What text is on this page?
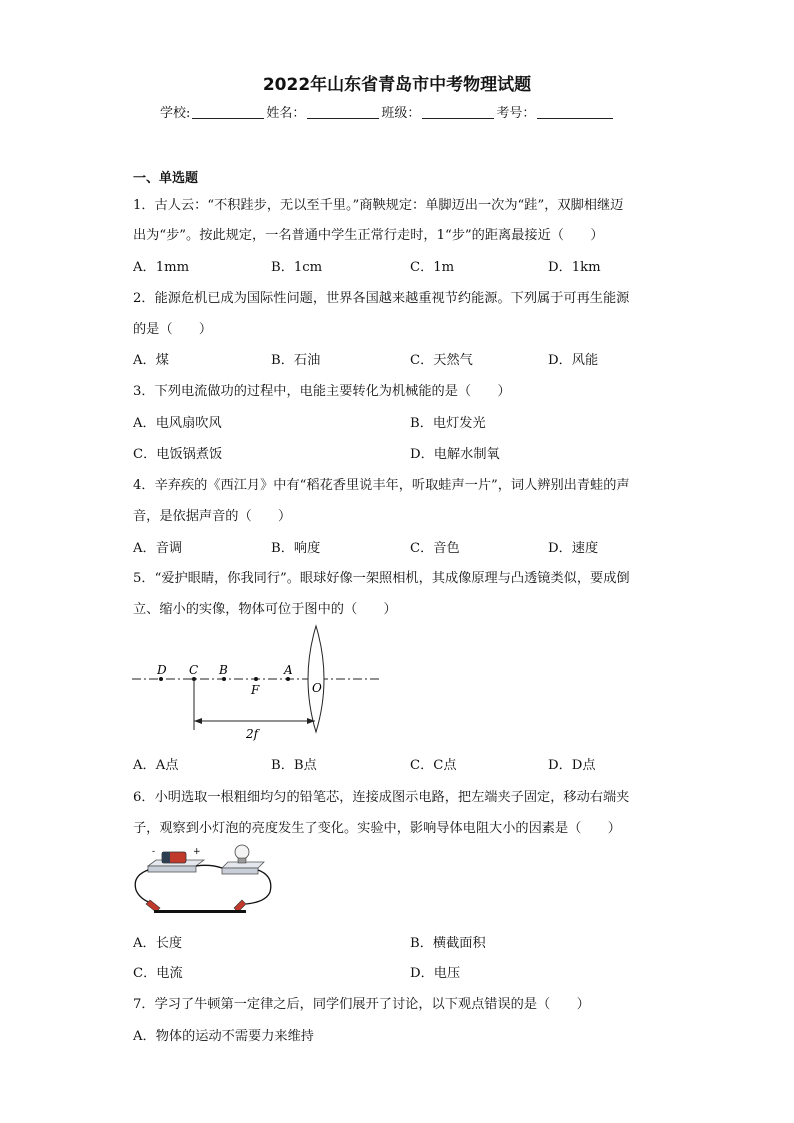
2022年山东省青岛市中考物理试题
学校:	姓名：	班级：	考号：
一、单选题
1．古人云：“不积跬步，无以至千里。”商鞅规定：单脚迈出一次为“跬”，双脚相继迈
出为“步”。按此规定，一名普通中学生正常行走时，1“步”的距离最接近（　　）
A．1mm	B．1cm	C．1m	D．1km
2．能源危机已成为国际性问题，世界各国越来越重视节约能源。下列属于可再生能源
的是（　　）
A．煤	B．石油	C．天然气	D．风能
3．下列电流做功的过程中，电能主要转化为机械能的是（　　）
A．电风扇吹风	B．电灯发光
C．电饭锅煮饭	D．电解水制氧
4．辛弃疾的《西江月》中有“稻花香里说丰年，听取蛙声一片”，词人辨别出青蛙的声
音，是依据声音的（　　）
A．音调	B．响度	C．音色	D．速度
5．“爱护眼睛，你我同行”。眼球好像一架照相机，其成像原理与凸透镜类似，要成倒
立、缩小的实像，物体可位于图中的（　　）
D C B	A
F	O
2f
A．A点	B．B点	C．C点	D．D点
6．小明选取一根粗细均匀的铅笔芯，连接成图示电路，把左端夹子固定，移动右端夹
子，观察到小灯泡的亮度发生了变化。实验中，影响导体电阻大小的因素是（　　）
-	+
A．长度	B．横截面积
C．电流	D．电压
7．学习了牛顿第一定律之后，同学们展开了讨论，以下观点错误的是（　　）
A．物体的运动不需要力来维持
